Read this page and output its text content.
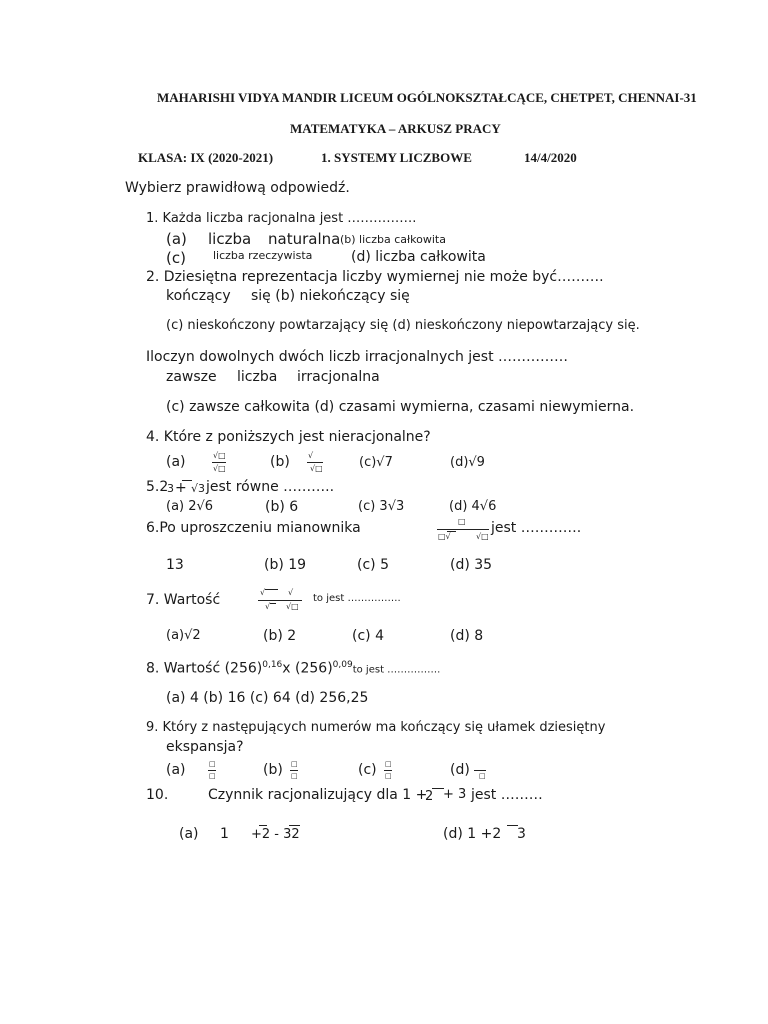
MAHARISHI VIDYA MANDIR LICEUM OGÓLNOKSZTAŁCĄCE, CHETPET, CHENNAI-31
MATEMATYKA – ARKUSZ PRACY
KLASA: IX (2020-2021)	1. SYSTEMY LICZBOWE	14/4/2020
Wybierz prawidłową odpowiedź.
1. Każda liczba racjonalna jest …………….
(a) liczba naturalna (b) liczba całkowita
(c) liczba rzeczywista	(d) liczba całkowita
2. Dziesiętna reprezentacja liczby wymiernej nie może być……….
kończący się (b) niekończący się
(c) nieskończony powtarzający się (d) nieskończony niepowtarzający się.
Iloczyn dowolnych dwóch liczb irracjonalnych jest ……………
zawsze liczba irracjonalna
(c) zawsze całkowita (d) czasami wymierna, czasami niewymierna.
4. Które z poniższych jest nieracjonalne?
(a)	√□
√□	(b) √
√□	(c)√7	(d)√9
5.2
3 + √3 jest równe ………..
(a) 2√6	(b) 6	(c) 3√3	(d) 4√6
6.Po uproszczeniu mianownika	□
□√	√□
jest ………….
13	(b) 19	(c) 5	(d) 35
7. Wartość	√	√
√ √□
to jest …………….
(a)√2	(b) 2	(c) 4	(d) 8
8. Wartość $(256)^{0,16}x$ $(256)^{0,09}to$ jest …………….
(a) 4 (b) 16 (c) 64 (d) 256,25
9. Który z następujących numerów ma kończący się ułamek dziesiętny
ekspansja?
(a)	□
□	(b) □
□	(c) □
□	(d) □
10.	Czynnik racjonalizujący dla 1 +
2 + 3 jest ………
(a) 1 +2 - 32	(d) 1 +2 3
